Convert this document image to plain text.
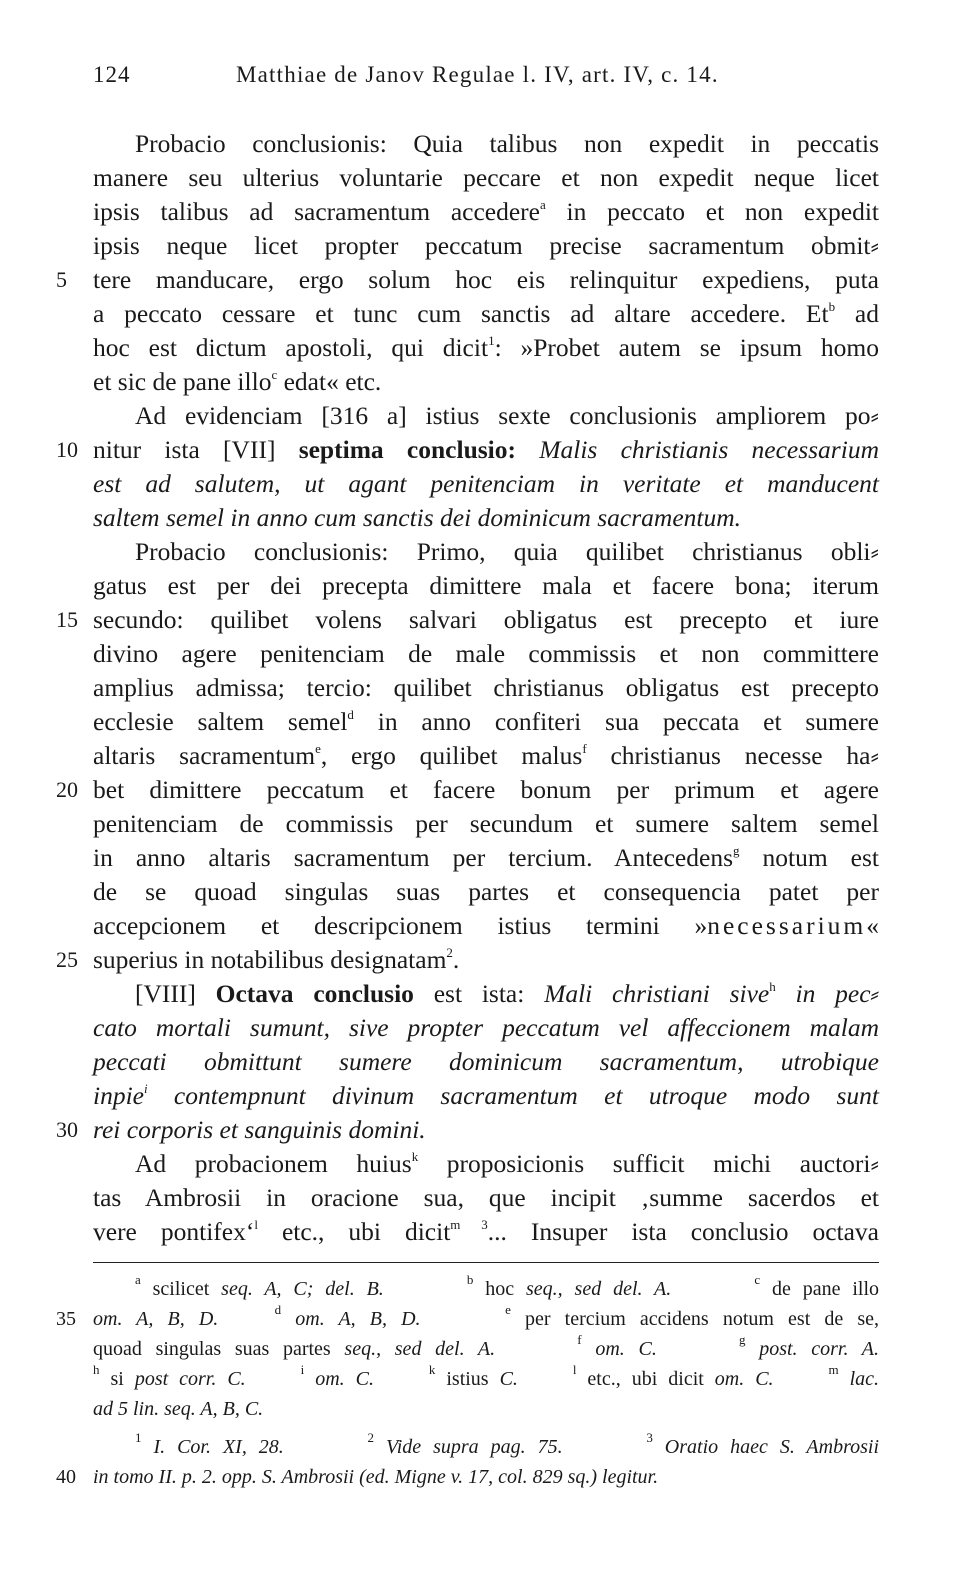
124	Matthiae de Janov Regulae l. IV, art. IV, c. 14.
Probacio conclusionis: Quia talibus non expedit in peccatis
manere seu ulterius voluntarie peccare et non expedit neque licet
ipsis talibus ad sacramentum accedere$^a$ in peccato et non expedit
ipsis neque licet propter peccatum precise sacramentum obmit⸗
5	tere manducare, ergo solum hoc eis relinquitur expediens, puta
a peccato cessare et tunc cum sanctis ad altare accedere. Et$^b$ ad
hoc est dictum apostoli, qui dicit$^1$: »Probet autem se ipsum homo
et sic de pane illo$^c$ edat« etc.
Ad evidenciam [316 a] istius sexte conclusionis ampliorem po⸗
10 nitur ista [VII] septima conclusio: Malis christianis necessarium
est ad salutem, ut agant penitenciam in veritate et manducent
saltem semel in anno cum sanctis dei dominicum sacramentum.
Probacio conclusionis: Primo, quia quilibet christianus obli⸗
gatus est per dei precepta dimittere mala et facere bona; iterum
15 secundo: quilibet volens salvari obligatus est precepto et iure
divino agere penitenciam de male commissis et non committere
amplius admissa; tercio: quilibet christianus obligatus est precepto
ecclesie saltem semel$^d$ in anno confiteri sua peccata et sumere
altaris sacramentum$^e$, ergo quilibet malus$^f$ christianus necesse ha⸗
20 bet dimittere peccatum et facere bonum per primum et agere
penitenciam de commissis per secundum et sumere saltem semel
in anno altaris sacramentum per tercium. Antecedens$^g$ notum est
de se quoad singulas suas partes et consequencia patet per
accepcionem et descripcionem istius termini »necessarium«
25 superius in notabilibus designatam$^2$.
[VIII] Octava conclusio est ista: Mali christiani sive$^h$ in pec⸗
cato mortali sumunt, sive propter peccatum vel affeccionem malam
peccati obmittunt sumere dominicum sacramentum, utrobique
inpie$^i$ contempnunt divinum sacramentum et utroque modo sunt
30 rei corporis et sanguinis domini.
Ad probacionem huius$^k$ proposicionis sufficit michi auctori⸗
tas Ambrosii in oracione sua, que incipit ‚summe sacerdos et
vere pontifex‘$^l$ etc., ubi dicit$^{m 3}$... Insuper ista conclusio octava
$^a$ scilicet seq. A, C; del. B.	$^b$ hoc seq., sed del. A.	$^c$ de pane illo
35 om. A, B, D.	$^d$ om. A, B, D.	$^e$ per tercium accidens notum est de se,
quoad singulas suas partes seq., sed del. A.	$^f$ om. C.	$^g$ post. corr. A.
$^h$ si post corr. C.	$^i$ om. C.	$^k$ istius C.	$^l$ etc., ubi dicit om. C.	$^m$ lac.
ad 5 lin. seq. A, B, C.
$^1$ I. Cor. XI, 28.	$^2$ Vide supra pag. 75.	$^3$ Oratio haec S. Ambrosii
40 in tomo II. p. 2. opp. S. Ambrosii (ed. Migne v. 17, col. 829 sq.) legitur.
